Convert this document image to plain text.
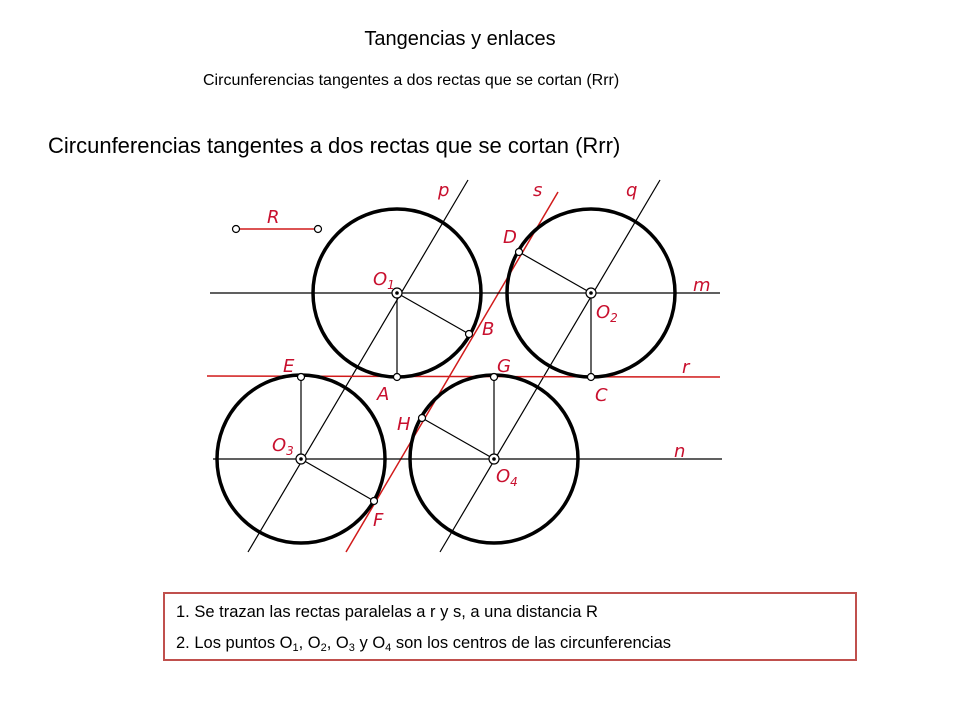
Tangencias y enlaces
Circunferencias tangentes a dos rectas que se cortan (Rrr)
Circunferencias tangentes a dos rectas que se cortan (Rrr)
p	s	q
R
m
r
n
D
B
E	G
A	C
H
F
$O_1$
$O_2$
$O_3$
$O_4$
1. Se trazan las rectas paralelas a r y s, a una distancia R
2. Los puntos $O_1$, $O_2$, $O_3$ y $O_4$ son los centros de las circunferencias
